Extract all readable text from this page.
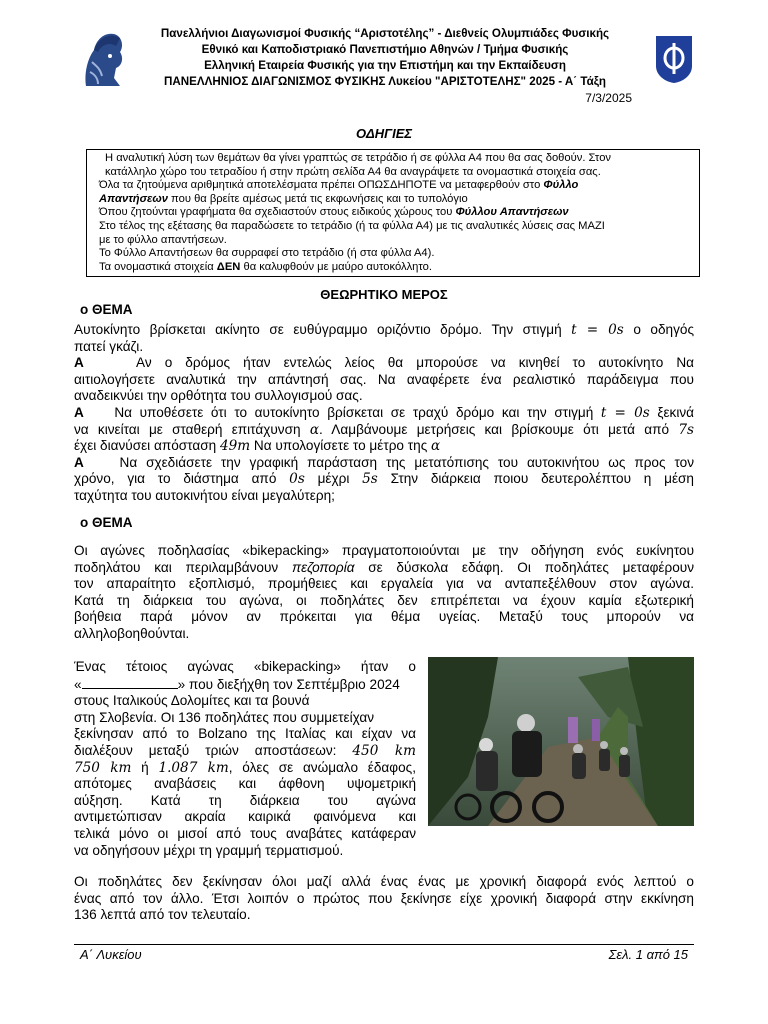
Πανελλήνιοι Διαγωνισμοί Φυσικής “Αριστοτέλης” - Διεθνείς Ολυμπιάδες Φυσικής
Εθνικό και Καποδιστριακό Πανεπιστήμιο Αθηνών / Τμήμα Φυσικής
Ελληνική Εταιρεία Φυσικής για την Επιστήμη και την Εκπαίδευση
ΠΑΝΕΛΛΗΝΙΟΣ ΔΙΑΓΩΝΙΣΜΟΣ ΦΥΣΙΚΗΣ Λυκείου "ΑΡΙΣΤΟΤΕΛΗΣ" 2025 - Α΄ Τάξη
7/3/2025
ΟΔΗΓΙΕΣ

Η αναλυτική λύση των θεμάτων θα γίνει γραπτώς σε τετράδιο ή σε φύλλα Α4 που θα σας δοθούν. Στον

κατάλληλο χώρο του τετραδίου ή στην πρώτη σελίδα Α4 θα αναγράψετε τα ονομαστικά στοιχεία σας.

Όλα τα ζητούμενα αριθμητικά αποτελέσματα πρέπει ΟΠΩΣΔΗΠΟΤΕ να μεταφερθούν στο Φύλλο

Απαντήσεων που θα βρείτε αμέσως μετά τις εκφωνήσεις και το τυπολόγιο

Όπου ζητούνται γραφήματα θα σχεδιαστούν στους ειδικούς χώρους του Φύλλου Απαντήσεων

Στο τέλος της εξέτασης θα παραδώσετε το τετράδιο (ή τα φύλλα Α4) με τις αναλυτικές λύσεις σας ΜΑΖΙ

με το φύλλο απαντήσεων.

Το Φύλλο Απαντήσεων θα συρραφεί στο τετράδιο (ή στα φύλλα Α4).

Τα ονομαστικά στοιχεία ΔΕΝ θα καλυφθούν με μαύρο αυτοκόλλητο.

ΘΕΩΡΗΤΙΚΟ ΜΕΡΟΣ
ο ΘΕΜΑ
Αυτοκίνητο βρίσκεται ακίνητο σε ευθύγραμμο οριζόντιο δρόμο. Την στιγμή t = 0s ο οδηγός
πατεί γκάζι.
Α	Αν ο δρόμος ήταν εντελώς λείος θα μπορούσε να κινηθεί το αυτοκίνητο Να
αιτιολογήσετε αναλυτικά την απάντησή σας. Να αναφέρετε ένα ρεαλιστικό παράδειγμα που
αναδεικνύει την ορθότητα του συλλογισμού σας.
Α Να υποθέσετε ότι το αυτοκίνητο βρίσκεται σε τραχύ δρόμο και την στιγμή t = 0s ξεκινά
να κινείται με σταθερή επιτάχυνση α. Λαμβάνουμε μετρήσεις και βρίσκουμε ότι μετά από 7s
έχει διανύσει απόσταση 49m Να υπολογίσετε το μέτρο της α
Α	Να σχεδιάσετε την γραφική παράσταση της μετατόπισης του αυτοκινήτου ως προς τον
χρόνο, για το διάστημα από 0s μέχρι 5s Στην διάρκεια ποιου δευτερολέπτου η μέση
ταχύτητα του αυτοκινήτου είναι μεγαλύτερη;
ο ΘΕΜΑ
Οι αγώνες ποδηλασίας «bikepacking» πραγματοποιούνται με την οδήγηση ενός ευκίνητου
ποδηλάτου και περιλαμβάνουν πεζοπορία σε δύσκολα εδάφη. Οι ποδηλάτες μεταφέρουν
τον απαραίτητο εξοπλισμό, προμήθειες και εργαλεία για να ανταπεξέλθουν στον αγώνα.
Κατά τη διάρκεια του αγώνα, οι ποδηλάτες δεν επιτρέπεται να έχουν καμία εξωτερική
βοήθεια παρά μόνον αν πρόκειται για θέμα υγείας. Μεταξύ τους μπορούν να
αλληλοβοηθούνται.
Ένας τέτοιος αγώνας «bikepacking» ήταν ο
«	» που διεξήχθη τον Σεπτέμβριο 2024
στους Ιταλικούς Δολομίτες και τα βουνά
στη Σλοβενία. Οι 136 ποδηλάτες που συμμετείχαν
ξεκίνησαν από το Bolzano της Ιταλίας και είχαν να
διαλέξουν μεταξύ τριών αποστάσεων: 450 km
750 km ή 1.087 km, όλες σε ανώμαλο έδαφος,
απότομες αναβάσεις και άφθονη υψομετρική
αύξηση. Κατά τη διάρκεια του αγώνα
αντιμετώπισαν ακραία καιρικά φαινόμενα και
τελικά μόνο οι μισοί από τους αναβάτες κατάφεραν
να οδηγήσουν μέχρι τη γραμμή τερματισμού.
Οι ποδηλάτες δεν ξεκίνησαν όλοι μαζί αλλά ένας ένας με χρονική διαφορά ενός λεπτού ο
ένας από τον άλλο. Έτσι λοιπόν ο πρώτος που ξεκίνησε είχε χρονική διαφορά στην εκκίνηση
136 λεπτά από τον τελευταίο.
Α΄ Λυκείου	Σελ. 1 από 15
